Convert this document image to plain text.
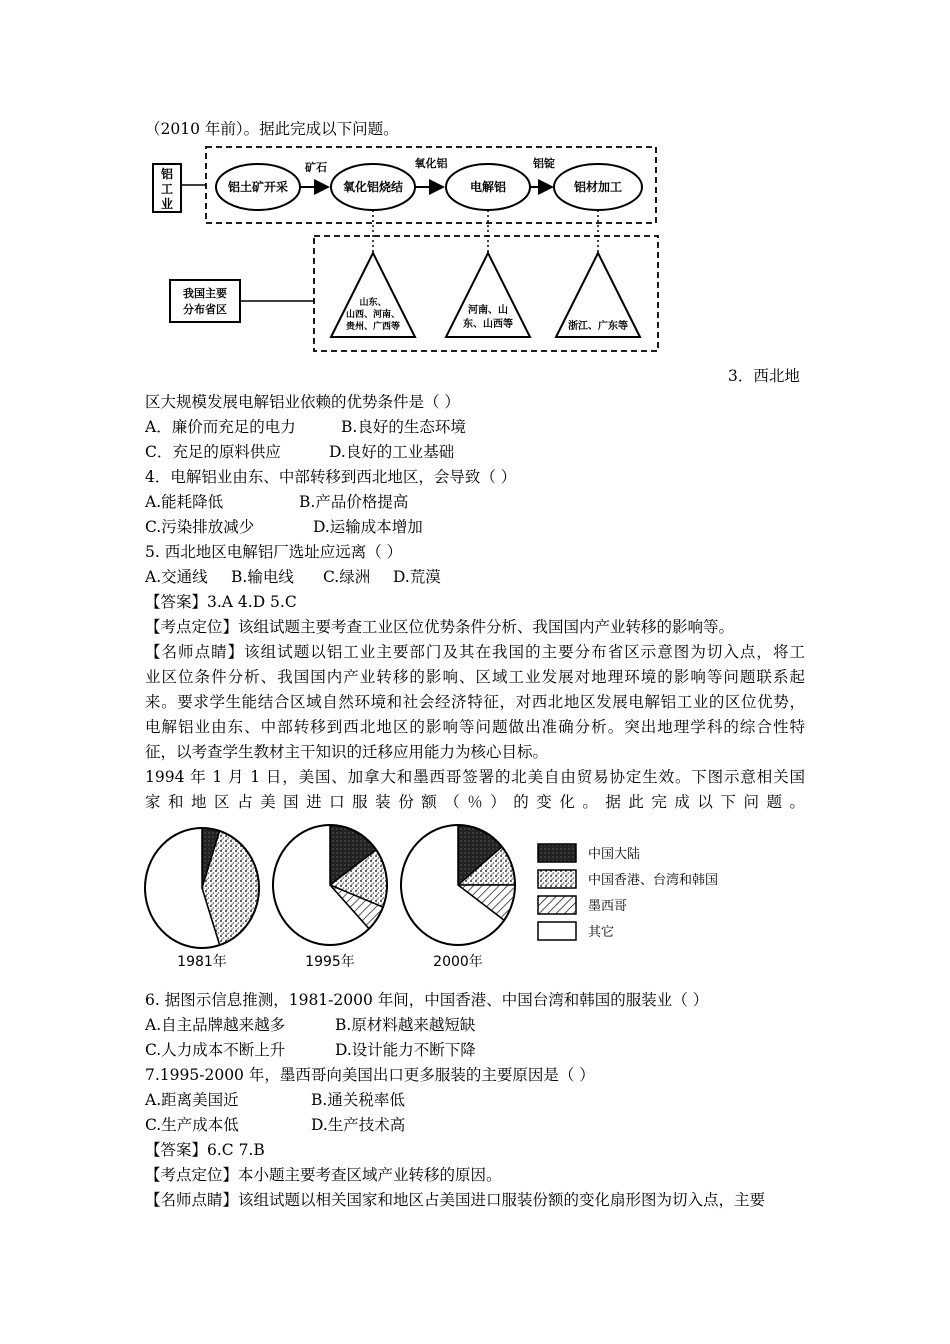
（2010 年前）。据此完成以下问题。
铝
工
业
铝土矿开采	氧化铝烧结	电解铝	铝材加工
矿石	氧化铝	铝锭
我国主要
分布省区	山东、
山西、河南、
贵州、广西等
河南、山
东、山西等	浙江、广东等
3．西北地
区大规模发展电解铝业依赖的优势条件是（ ）
A．廉价而充足的电力	B.良好的生态环境
C．充足的原料供应	D.良好的工业基础
4．电解铝业由东、中部转移到西北地区，会导致（ ）
A.能耗降低	B.产品价格提高
C.污染排放减少	D.运输成本增加
5. 西北地区电解铝厂选址应远离（ ）
A.交通线 B.输电线 C.绿洲 D.荒漠
【答案】3.A 4.D 5.C
【考点定位】该组试题主要考查工业区位优势条件分析、我国国内产业转移的影响等。
【名师点睛】该组试题以铝工业主要部门及其在我国的主要分布省区示意图为切入点，将工
业区位条件分析、我国国内产业转移的影响、区域工业发展对地理环境的影响等问题联系起
来。要求学生能结合区域自然环境和社会经济特征，对西北地区发展电解铝工业的区位优势，
电解铝业由东、中部转移到西北地区的影响等问题做出准确分析。突出地理学科的综合性特
征，以考查学生教材主干知识的迁移应用能力为核心目标。
1994 年 1 月 1 日，美国、加拿大和墨西哥签署的北美自由贸易协定生效。下图示意相关国
家和地区占美国进口服装份额（％）的变化。据此完成以下问题。
1981年	1995年	2000年
中国大陆
中国香港、台湾和韩国
墨西哥
其它
6. 据图示信息推测，1981-2000 年间，中国香港、中国台湾和韩国的服装业（ ）
A.自主品牌越来越多	B.原材料越来越短缺
C.人力成本不断上升	D.设计能力不断下降
7.1995-2000 年，墨西哥向美国出口更多服装的主要原因是（ ）
A.距离美国近	B.通关税率低
C.生产成本低	D.生产技术高
【答案】6.C 7.B
【考点定位】本小题主要考查区域产业转移的原因。
【名师点睛】该组试题以相关国家和地区占美国进口服装份额的变化扇形图为切入点，主要
